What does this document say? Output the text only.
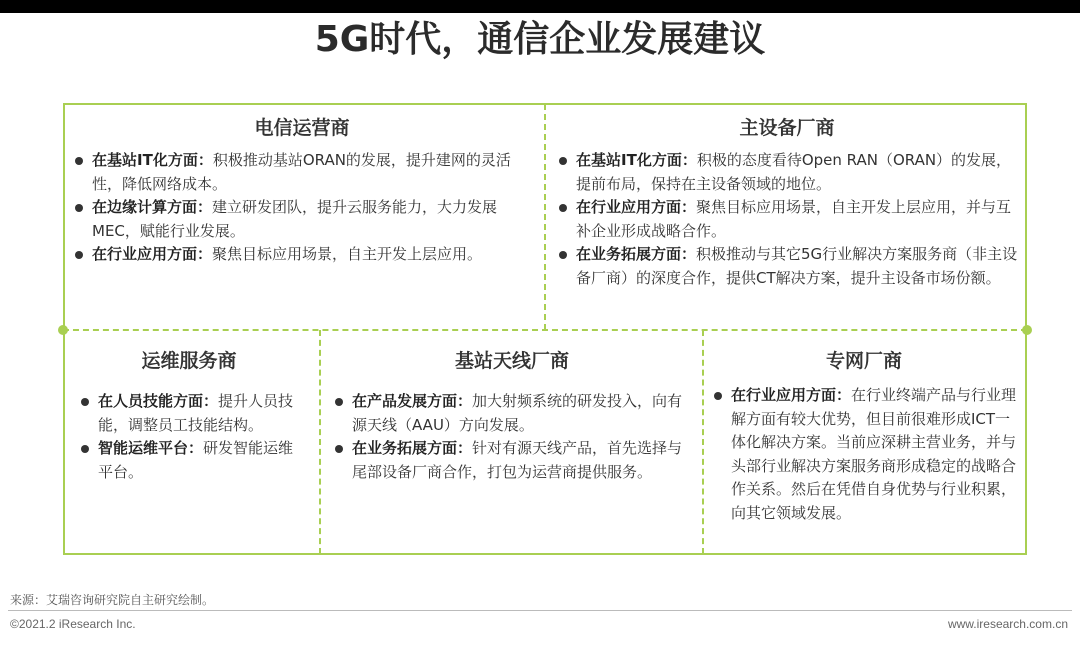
5G时代，通信企业发展建议
电信运营商
在基站IT化方面：积极推动基站ORAN的发展，提升建网的灵活性，降低网络成本。
在边缘计算方面：建立研发团队，提升云服务能力，大力发展MEC，赋能行业发展。
在行业应用方面：聚焦目标应用场景，自主开发上层应用。
主设备厂商
在基站IT化方面：积极的态度看待Open RAN（ORAN）的发展，提前布局，保持在主设备领域的地位。
在行业应用方面：聚焦目标应用场景，自主开发上层应用，并与互补企业形成战略合作。
在业务拓展方面：积极推动与其它5G行业解决方案服务商（非主设备厂商）的深度合作，提供CT解决方案，提升主设备市场份额。
运维服务商
在人员技能方面：提升人员技能，调整员工技能结构。
智能运维平台：研发智能运维平台。
基站天线厂商
在产品发展方面：加大射频系统的研发投入，向有源天线（AAU）方向发展。
在业务拓展方面：针对有源天线产品，首先选择与尾部设备厂商合作，打包为运营商提供服务。
专网厂商
在行业应用方面：在行业终端产品与行业理解方面有较大优势，但目前很难形成ICT一体化解决方案。当前应深耕主营业务，并与头部行业解决方案服务商形成稳定的战略合作关系。然后在凭借自身优势与行业积累，向其它领域发展。
来源：艾瑞咨询研究院自主研究绘制。
©2021.2 iResearch Inc.	www.iresearch.com.cn
